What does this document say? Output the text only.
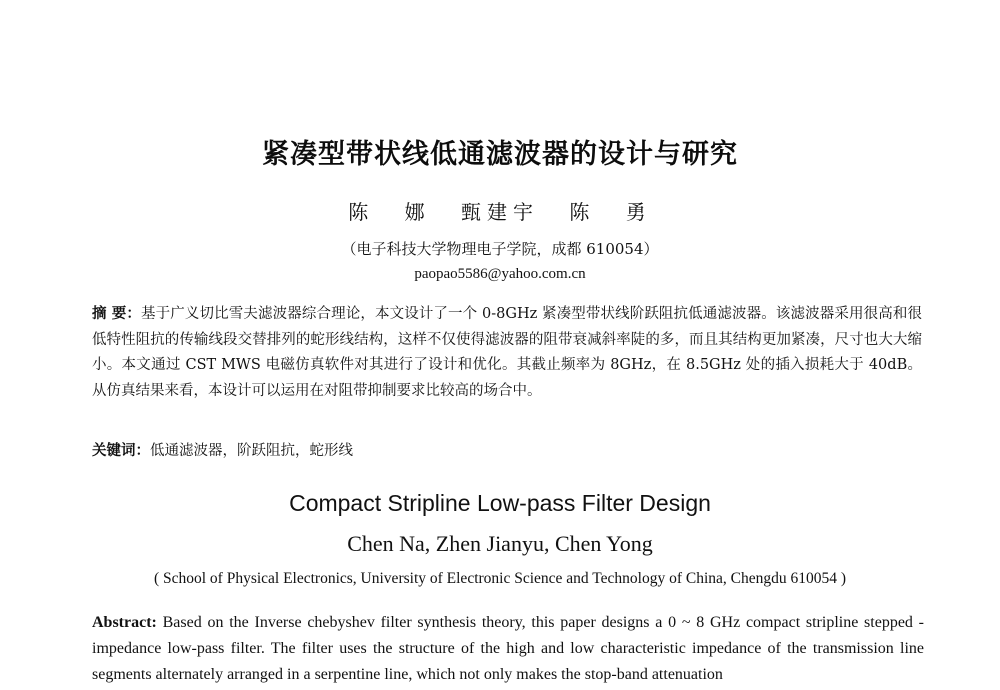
紧凑型带状线低通滤波器的设计与研究
陈 娜 甄建宇 陈 勇
（电子科技大学物理电子学院，成都 610054）
paopao5586@yahoo.com.cn
摘 要：基于广义切比雪夫滤波器综合理论，本文设计了一个 0-8GHz 紧凑型带状线阶跃阻抗低通滤波器。该滤波器采用很高和很低特性阻抗的传输线段交替排列的蛇形线结构，这样不仅使得滤波器的阻带衰减斜率陡的多，而且其结构更加紧凑，尺寸也大大缩小。本文通过 CST MWS 电磁仿真软件对其进行了设计和优化。其截止频率为 8GHz，在 8.5GHz 处的插入损耗大于 40dB。从仿真结果来看，本设计可以运用在对阻带抑制要求比较高的场合中。
关键词：低通滤波器，阶跃阻抗，蛇形线
Compact Stripline Low-pass Filter Design
Chen Na, Zhen Jianyu, Chen Yong
( School of Physical Electronics, University of Electronic Science and Technology of China, Chengdu 610054 )
Abstract: Based on the Inverse chebyshev filter synthesis theory, this paper designs a 0 ~ 8 GHz compact stripline stepped - impedance low-pass filter. The filter uses the structure of the high and low characteristic impedance of the transmission line segments alternately arranged in a serpentine line, which not only makes the stop-band attenuation
